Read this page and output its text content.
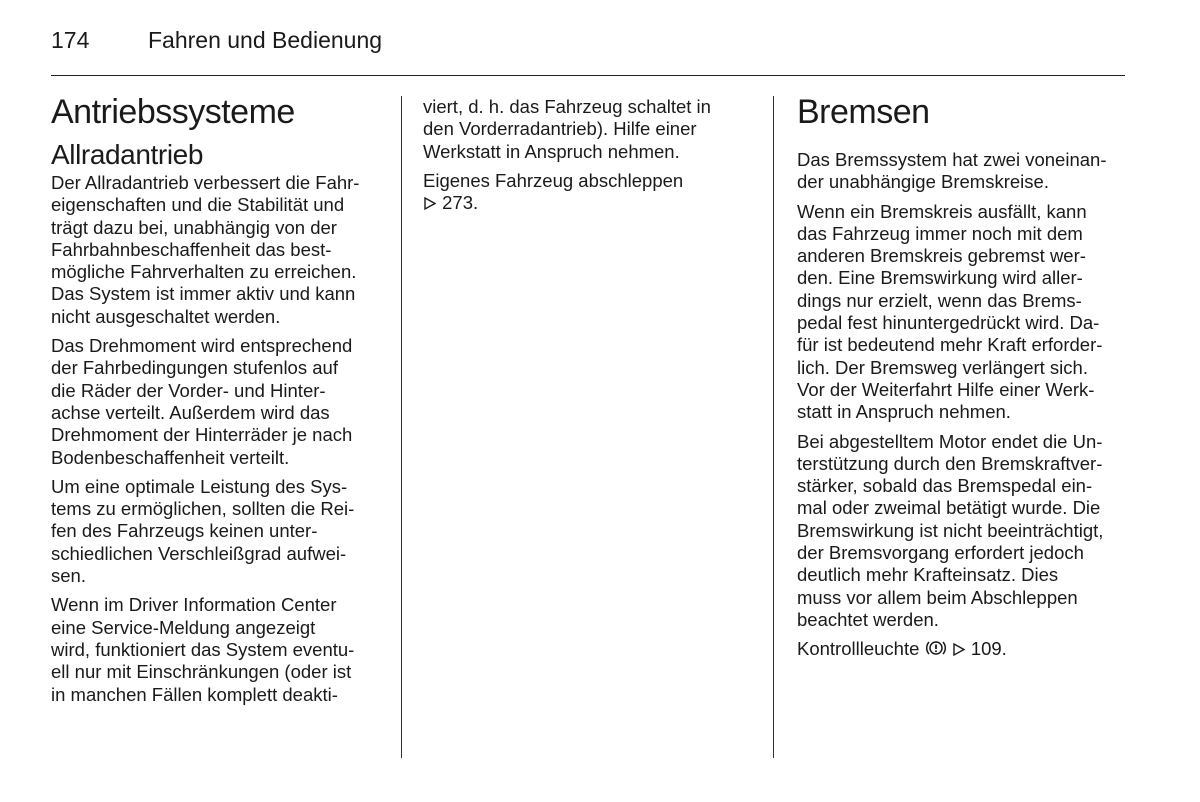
174	Fahren und Bedienung
Antriebssysteme
Allradantrieb

Der Allradantrieb verbessert die Fahr-
eigenschaften und die Stabilität und
trägt dazu bei, unabhängig von der
Fahrbahnbeschaffenheit das best-
mögliche Fahrverhalten zu erreichen.
Das System ist immer aktiv und kann
nicht ausgeschaltet werden.

Das Drehmoment wird entsprechend
der Fahrbedingungen stufenlos auf
die Räder der Vorder- und Hinter-
achse verteilt. Außerdem wird das
Drehmoment der Hinterräder je nach
Bodenbeschaffenheit verteilt.

Um eine optimale Leistung des Sys-
tems zu ermöglichen, sollten die Rei-
fen des Fahrzeugs keinen unter-
schiedlichen Verschleißgrad aufwei-
sen.

Wenn im Driver Information Center
eine Service-Meldung angezeigt
wird, funktioniert das System eventu-
ell nur mit Einschränkungen (oder ist
in manchen Fällen komplett deakti-

viert, d. h. das Fahrzeug schaltet in
den Vorderradantrieb). Hilfe einer
Werkstatt in Anspruch nehmen.

Eigenes Fahrzeug abschleppen

273.

Bremsen

Das Bremssystem hat zwei voneinan-
der unabhängige Bremskreise.

Wenn ein Bremskreis ausfällt, kann
das Fahrzeug immer noch mit dem
anderen Bremskreis gebremst wer-
den. Eine Bremswirkung wird aller-
dings nur erzielt, wenn das Brems-
pedal fest hinuntergedrückt wird. Da-
für ist bedeutend mehr Kraft erforder-
lich. Der Bremsweg verlängert sich.
Vor der Weiterfahrt Hilfe einer Werk-
statt in Anspruch nehmen.

Bei abgestelltem Motor endet die Un-
terstützung durch den Bremskraftver-
stärker, sobald das Bremspedal ein-
mal oder zweimal betätigt wurde. Die
Bremswirkung ist nicht beeinträchtigt,
der Bremsvorgang erfordert jedoch
deutlich mehr Krafteinsatz. Dies
muss vor allem beim Abschleppen
beachtet werden.

Kontrollleuchte	109.
